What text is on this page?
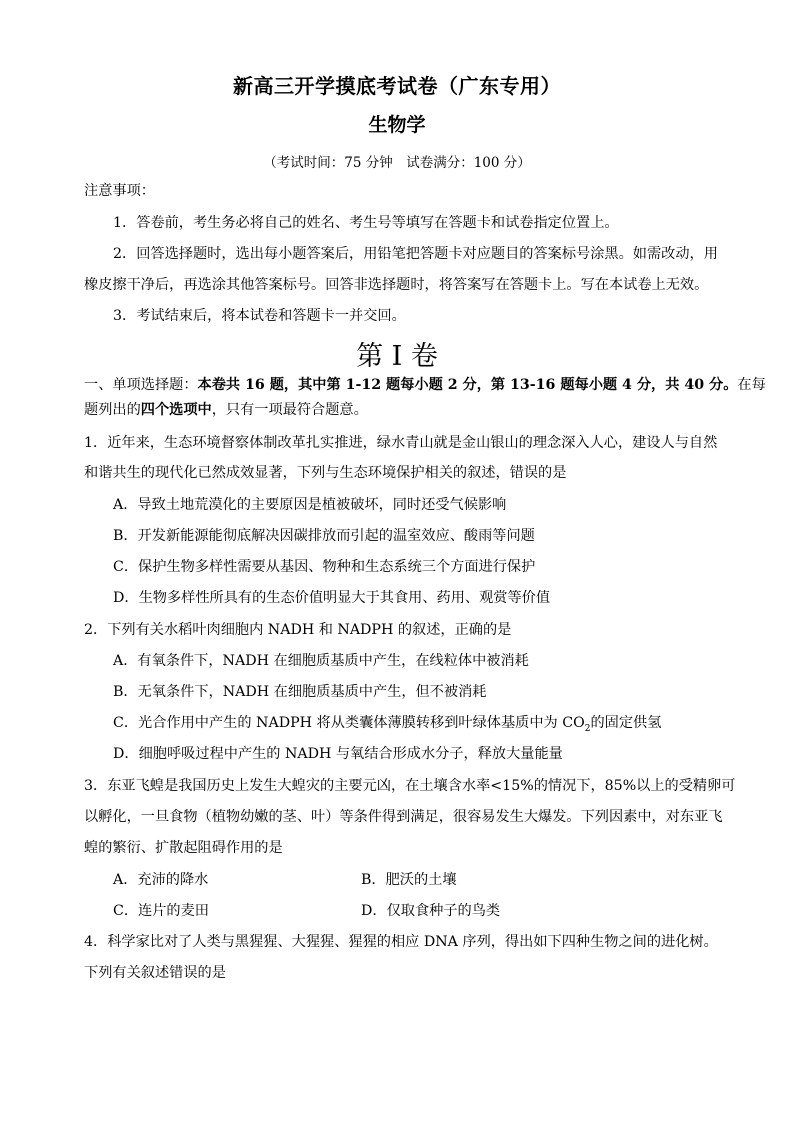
新高三开学摸底考试卷（广东专用）
生物学
（考试时间：75 分钟　试卷满分：100 分）
注意事项：
1．答卷前，考生务必将自己的姓名、考生号等填写在答题卡和试卷指定位置上。
2．回答选择题时，选出每小题答案后，用铅笔把答题卡对应题目的答案标号涂黑。如需改动，用
橡皮擦干净后，再选涂其他答案标号。回答非选择题时，将答案写在答题卡上。写在本试卷上无效。
3．考试结束后，将本试卷和答题卡一并交回。
第 I 卷
一、单项选择题：本卷共 16 题，其中第 1-12 题每小题 2 分，第 13-16 题每小题 4 分，共 40 分。在每
题列出的四个选项中，只有一项最符合题意。
1．近年来，生态环境督察体制改革扎实推进，绿水青山就是金山银山的理念深入人心，建设人与自然
和谐共生的现代化已然成效显著，下列与生态环境保护相关的叙述，错误的是
A．导致土地荒漠化的主要原因是植被破坏，同时还受气候影响
B．开发新能源能彻底解决因碳排放而引起的温室效应、酸雨等问题
C．保护生物多样性需要从基因、物种和生态系统三个方面进行保护
D．生物多样性所具有的生态价值明显大于其食用、药用、观赏等价值
2．下列有关水稻叶肉细胞内 NADH 和 NADPH 的叙述，正确的是
A．有氧条件下，NADH 在细胞质基质中产生，在线粒体中被消耗
B．无氧条件下，NADH 在细胞质基质中产生，但不被消耗
C．光合作用中产生的 NADPH 将从类囊体薄膜转移到叶绿体基质中为 $CO_2$的固定供氢
D．细胞呼吸过程中产生的 NADH 与氧结合形成水分子，释放大量能量
3．东亚飞蝗是我国历史上发生大蝗灾的主要元凶，在土壤含水率<15%的情况下，85%以上的受精卵可
以孵化，一旦食物（植物幼嫩的茎、叶）等条件得到满足，很容易发生大爆发。下列因素中，对东亚飞
蝗的繁衍、扩散起阻碍作用的是
A．充沛的降水	B．肥沃的土壤
C．连片的麦田	D．仅取食种子的鸟类
4．科学家比对了人类与黑猩猩、大猩猩、猩猩的相应 DNA 序列，得出如下四种生物之间的进化树。
下列有关叙述错误的是
